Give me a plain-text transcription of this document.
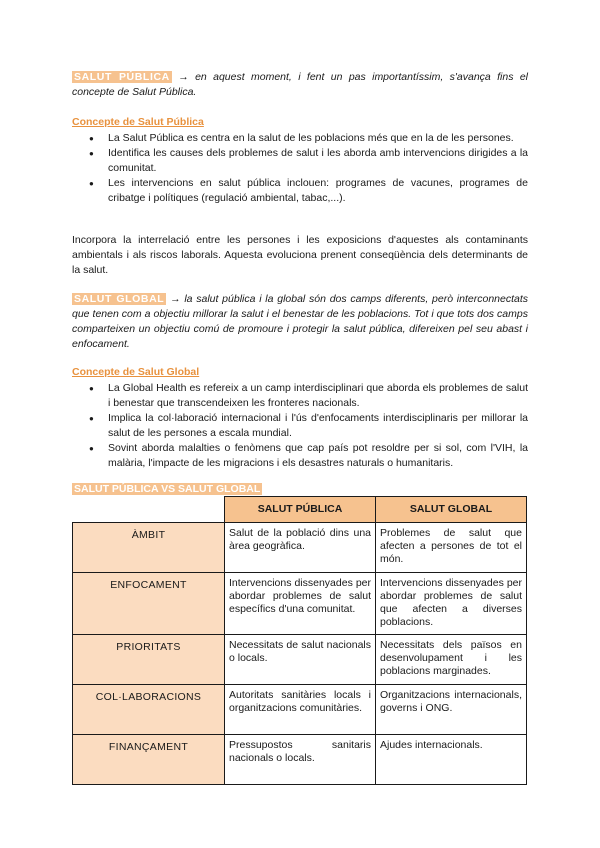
SALUT PÚBLICA → en aquest moment, i fent un pas importantíssim, s'avança fins el concepte de Salut Pública.
Concepte de Salut Pública
● La Salut Pública es centra en la salut de les poblacions més que en la de les persones.
● Identifica les causes dels problemes de salut i les aborda amb intervencions dirigides a la comunitat.
● Les intervencions en salut pública inclouen: programes de vacunes, programes de cribatge i polítiques (regulació ambiental, tabac,...).
Incorpora la interrelació entre les persones i les exposicions d'aquestes als contaminants ambientals i als riscos laborals. Aquesta evoluciona prenent conseqüència dels determinants de la salut.
SALUT GLOBAL → la salut pública i la global són dos camps diferents, però interconnectats que tenen com a objectiu millorar la salut i el benestar de les poblacions. Tot i que tots dos camps comparteixen un objectiu comú de promoure i protegir la salut pública, difereixen pel seu abast i enfocament.
Concepte de Salut Global
● La Global Health es refereix a un camp interdisciplinari que aborda els problemes de salut i benestar que transcendeixen les fronteres nacionals.
● Implica la col·laboració internacional i l'ús d'enfocaments interdisciplinaris per millorar la salut de les persones a escala mundial.
● Sovint aborda malalties o fenòmens que cap país pot resoldre per si sol, com l'VIH, la malària, l'impacte de les migracions i els desastres naturals o humanitaris.
SALUT PÚBLICA VS SALUT GLOBAL
	SALUT PÚBLICA	SALUT GLOBAL
ÀMBIT	Salut de la població dins una àrea geogràfica.	Problemes de salut que afecten a persones de tot el món.
ENFOCAMENT	Intervencions dissenyades per abordar problemes de salut específics d'una comunitat.	Intervencions dissenyades per abordar problemes de salut que afecten a diverses poblacions.
PRIORITATS	Necessitats de salut nacionals o locals.	Necessitats dels països en desenvolupament i les poblacions marginades.
COL·LABORACIONS	Autoritats sanitàries locals i organitzacions comunitàries.	Organitzacions internacionals, governs i ONG.
FINANÇAMENT	Pressupostos sanitaris nacionals o locals.	Ajudes internacionals.
